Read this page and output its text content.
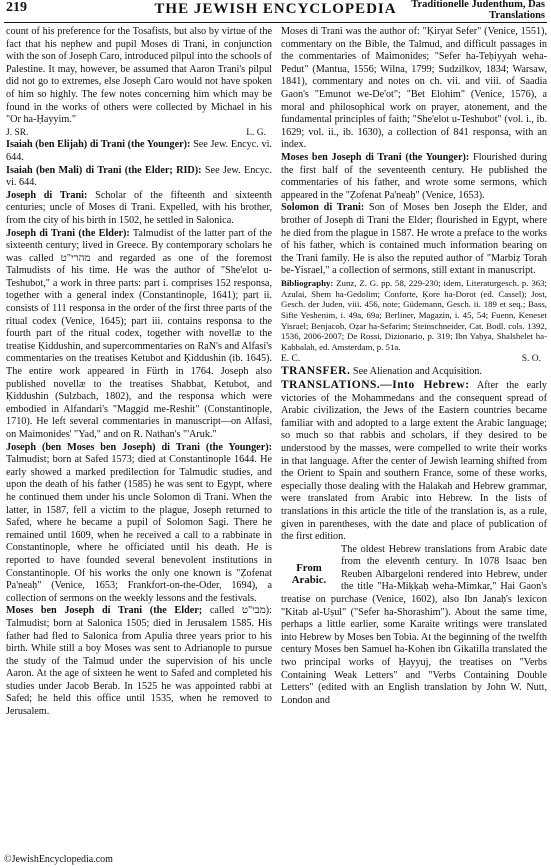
219	THE JEWISH ENCYCLOPEDIA	Traditionelle Judenthum, Das
Translations

count of his preference for the Tosafists, but also by virtue of the fact that his nephew and pupil Moses di Trani, in conjunction with the son of Joseph Caro, introduced pilpul into the schools of Palestine. It may, however, be assumed that Aaron Trani's pilpul did not go to extremes, else Joseph Caro would not have spoken of him so highly. The few notes concerning him which may be found in the works of others were collected by Michael in his "Or ha-Ḥayyim."

J. SR.	L. G.

Isaiah (ben Elijah) di Trani (the Younger): See Jew. Encyc. vi. 644.

Isaiah (ben Mali) di Trani (the Elder; RID): See Jew. Encyc. vi. 644.

Joseph di Trani: Scholar of the fifteenth and sixteenth centuries; uncle of Moses di Trani. Expelled, with his brother, from the city of his birth in 1502, he settled in Salonica.

Joseph di Trani (the Elder): Talmudist of the latter part of the sixteenth century; lived in Greece. By contemporary scholars he was called מהרי"ט and regarded as one of the foremost Talmudists of his time. He was the author of "She'elot u-Teshubot," a work in three parts: part i. comprises 152 responsa, together with a general index (Constantinople, 1641); part ii. consists of 111 responsa in the order of the first three parts of the ritual codex (Venice, 1645); part iii. contains responsa to the fourth part of the ritual codex, together with novellæ to the treatise Ḳiddushin, and supercommentaries on RaN's and Alfasi's commentaries on the treatises Ketubot and Ḳiddushin (ib. 1645). The entire work appeared in Fürth in 1764. Joseph also published novellæ to the treatises Shabbat, Ketubot, and Ḳiddushin (Sulzbach, 1802), and the responsa which were embodied in Alfandari's "Maggid me-Reshit" (Constantinople, 1710). He left several commentaries in manuscript—on Alfasi, on Maimonides' "Yad," and on R. Nathan's "'Aruk."

Joseph (ben Moses ben Joseph) di Trani (the Younger): Talmudist; born at Safed 1573; died at Constantinople 1644. He early showed a marked predilection for Talmudic studies, and upon the death of his father (1585) he was sent to Egypt, where he continued them under his uncle Solomon di Trani. When the latter, in 1587, fell a victim to the plague, Joseph returned to Safed, where he became a pupil of Solomon Sagi. There he remained until 1609, when he received a call to a rabbinate in Constantinople, where he officiated until his death. He is reported to have founded several benevolent institutions in Constantinople. Of his works the only one known is "Ẓofenat Pa'neaḥ" (Venice, 1653; Frankfort-on-the-Oder, 1694), a collection of sermons on the weekly lessons and the festivals.

Moses ben Joseph di Trani (the Elder; called מבי"ט): Talmudist; born at Salonica 1505; died in Jerusalem 1585. His father had fled to Salonica from Apulia three years prior to his birth. While still a boy Moses was sent to Adrianople to pursue the study of the Talmud under the supervision of his uncle Aaron. At the age of sixteen he went to Safed and completed his studies under Jacob Berab. In 1525 he was appointed rabbi at Safed; he held this office until 1535, when he removed to Jerusalem.

Moses di Trani was the author of: "Ḳiryat Sefer" (Venice, 1551), commentary on the Bible, the Talmud, and difficult passages in the commentaries of Maimonides; "Sefer ha-Teḥiyyah weha-Pedut" (Mantua, 1556; Wilna, 1799; Sudzilkov, 1834; Warsaw, 1841), commentary and notes on ch. vii. and viii. of Saadia Gaon's "Emunot we-De'ot"; "Bet Elohim" (Venice, 1576), a moral and philosophical work on prayer, atonement, and the fundamental principles of faith; "She'elot u-Teshubot" (vol. i., ib. 1629; vol. ii., ib. 1630), a collection of 841 responsa, with an index.

Moses ben Joseph di Trani (the Younger): Flourished during the first half of the seventeenth century. He published the commentaries of his father, and wrote some sermons, which appeared in the "Ẓofenat Pa'neaḥ" (Venice, 1653).

Solomon di Trani: Son of Moses ben Joseph the Elder, and brother of Joseph di Trani the Elder; flourished in Egypt, where he died from the plague in 1587. He wrote a preface to the works of his father, which is contained much information bearing on the Trani family. He is also the reputed author of "Marbiẓ Torah be-Yisrael," a collection of sermons, still extant in manuscript.

Bibliography: Zunz, Z. G. pp. 58, 229-230; idem, Literaturgesch. p. 363; Azulai, Shem ha-Gedolim; Conforte, Ḳore ha-Dorot (ed. Cassel); Jost, Gesch. der Juden, viii. 456, note; Güdemann, Gesch. ii. 189 et seq.; Bass, Sifte Yeshenim, i. 49a, 69a; Berliner, Magazin, i. 45, 54; Fuenn, Keneset Yisrael; Benjacob, Oẓar ha-Sefarim; Steinschneider, Cat. Bodl. cols. 1392, 1536, 2006-2007; De Rossi, Dizionario, p. 319; Ibn Yaḥya, Shalshelet ha-Ḳabbalah, ed. Amsterdam, p. 51a.

E. C.	S. O.

TRANSFER. See Alienation and Acquisition.

TRANSLATIONS.—Into Hebrew: After the early victories of the Mohammedans and the consequent spread of Arabic civilization, the Jews of the Eastern countries became familiar with and adopted to a large extent the Arabic language; so much so that rabbis and scholars, if they desired to be understood by the masses, were compelled to write their works in that language. After the center of Jewish learning shifted from the Orient to Spain and southern France, some of these works, especially those dealing with the Halakah and Hebrew grammar, were translated from Arabic into Hebrew. In the lists of translations in this article the title of the translation is, as a rule, given in parentheses, with the date and place of publication of the first edition.

From Arabic.

The oldest Hebrew translations from Arabic date from the eleventh century. In 1078 Isaac ben Reuben Albargeloni rendered into Hebrew, under the title "Ha-Miḳḳaḥ weha-Mimkar," Hai Gaon's treatise on purchase (Venice, 1602), also Ibn Janaḥ's lexicon "Kitab al-Uṣul" ("Sefer ha-Shorashim"). About the same time, perhaps a little earlier, some Karaite writings were translated into Hebrew by Moses ben Tobia. At the beginning of the twelfth century Moses ben Samuel ha-Kohen ibn Gikatilla translated the two principal works of Ḥayyuj, the treatises on "Verbs Containing Weak Letters" and "Verbs Containing Double Letters" (edited with an English translation by John W. Nutt, London and

©JewishEncyclopedia.com
